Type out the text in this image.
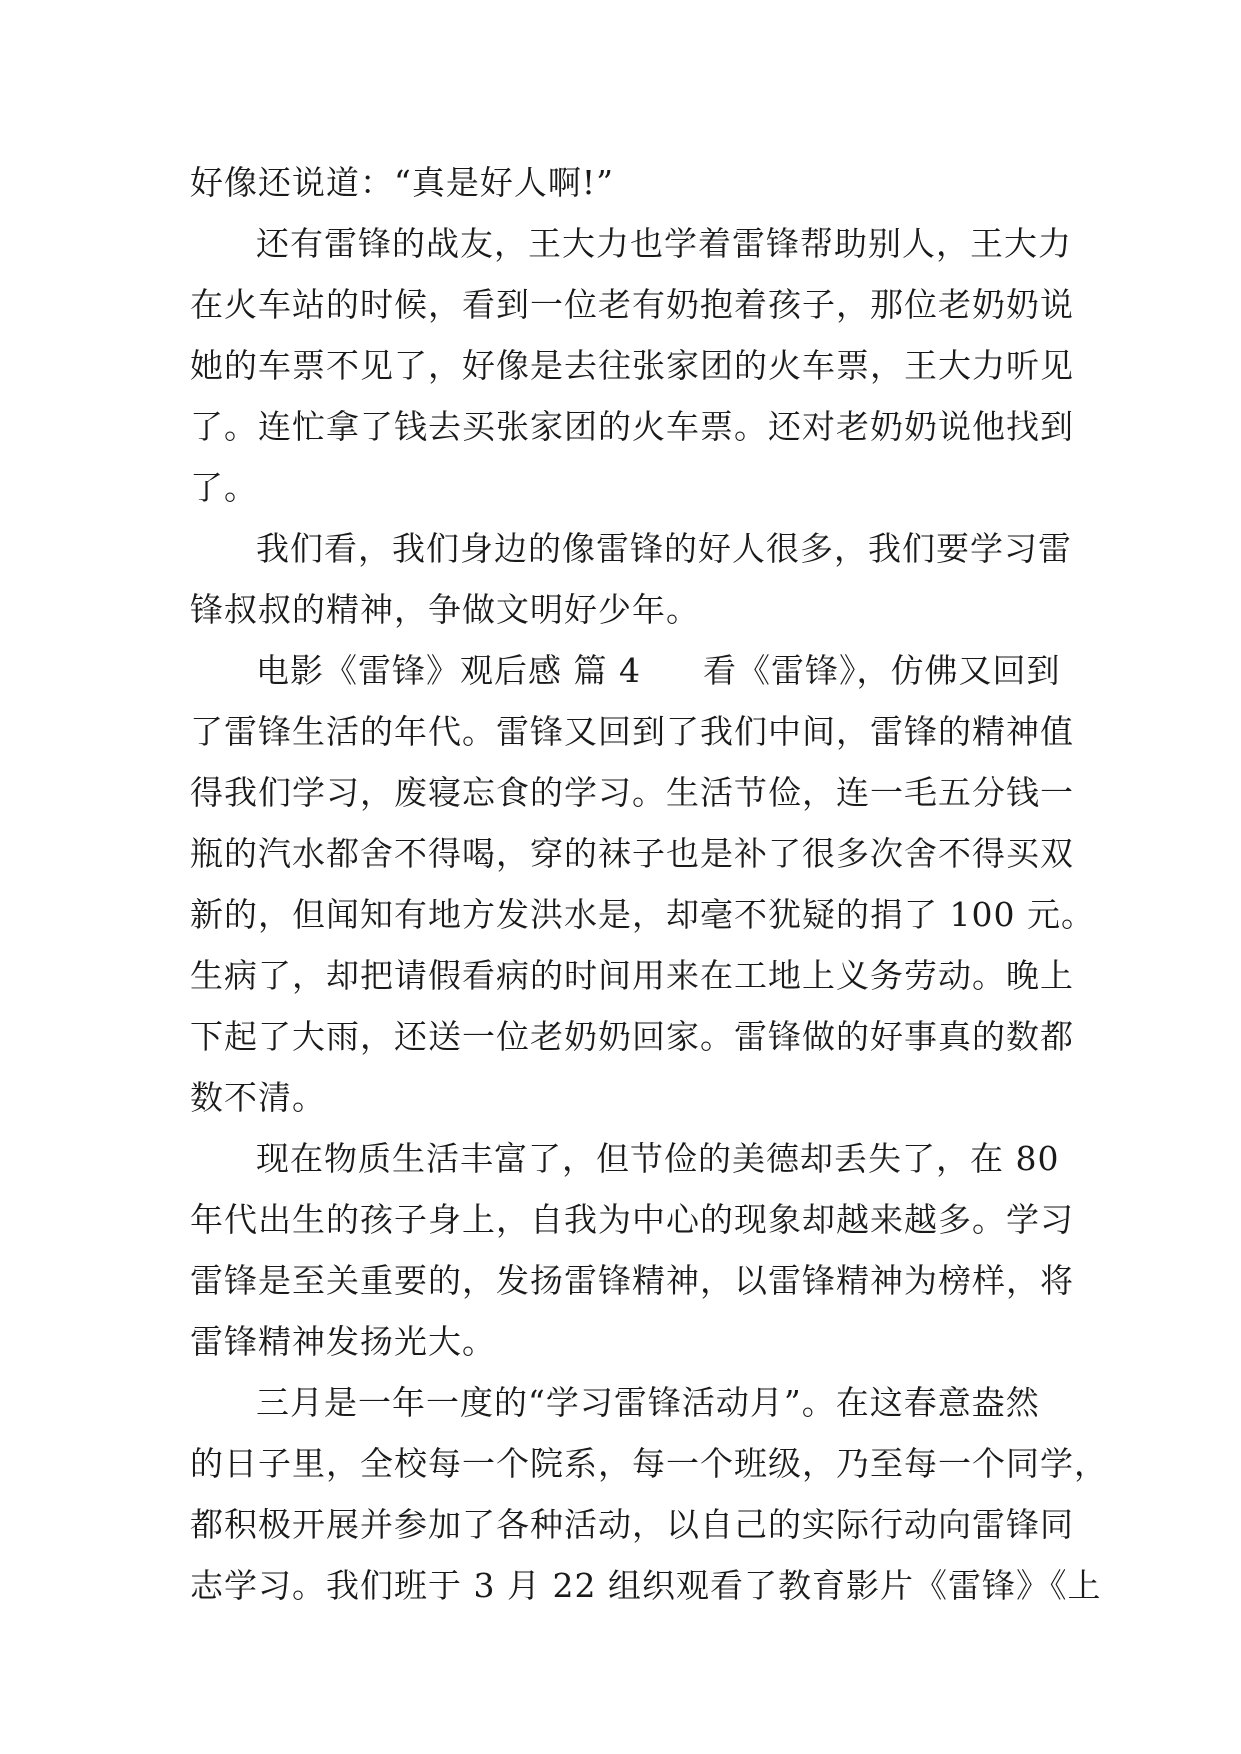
好像还说道：“真是好人啊!”
还有雷锋的战友，王大力也学着雷锋帮助别人，王大力
在火车站的时候，看到一位老有奶抱着孩子，那位老奶奶说
她的车票不见了，好像是去往张家团的火车票，王大力听见
了。连忙拿了钱去买张家团的火车票。还对老奶奶说他找到
了。
我们看，我们身边的像雷锋的好人很多，我们要学习雷
锋叔叔的精神，争做文明好少年。
电影《雷锋》观后感 篇 4 看《雷锋》，仿佛又回到
了雷锋生活的年代。雷锋又回到了我们中间，雷锋的精神值
得我们学习，废寝忘食的学习。生活节俭，连一毛五分钱一
瓶的汽水都舍不得喝，穿的袜子也是补了很多次舍不得买双
新的，但闻知有地方发洪水是，却毫不犹疑的捐了 100 元。
生病了，却把请假看病的时间用来在工地上义务劳动。晚上
下起了大雨，还送一位老奶奶回家。雷锋做的好事真的数都
数不清。
现在物质生活丰富了，但节俭的美德却丢失了，在 80
年代出生的孩子身上，自我为中心的现象却越来越多。学习
雷锋是至关重要的，发扬雷锋精神，以雷锋精神为榜样，将
雷锋精神发扬光大。
三月是一年一度的“学习雷锋活动月”。在这春意盎然
的日子里，全校每一个院系，每一个班级，乃至每一个同学，
都积极开展并参加了各种活动，以自己的实际行动向雷锋同
志学习。我们班于 3 月 22 组织观看了教育影片《雷锋》《上
